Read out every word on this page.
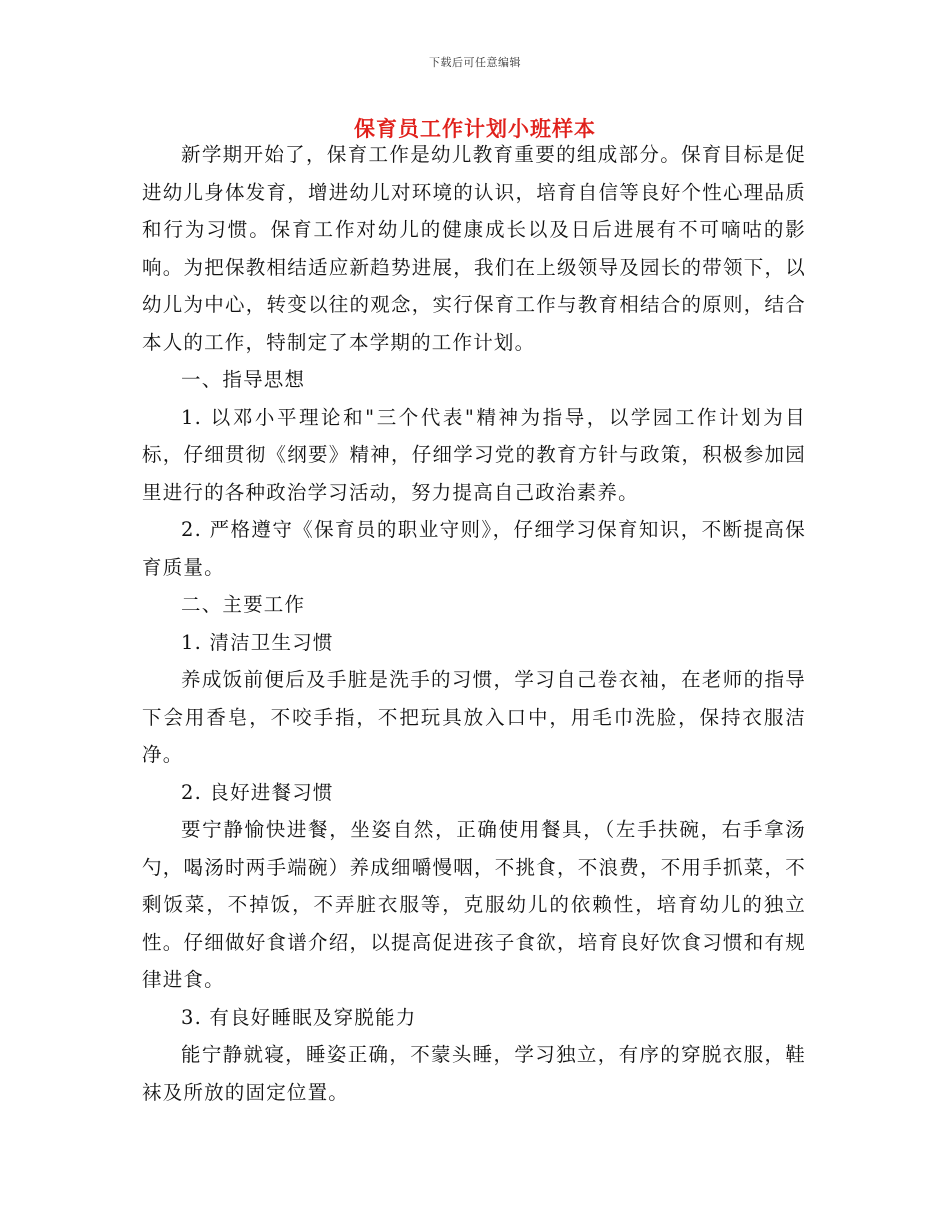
下载后可任意编辑
保育员工作计划小班样本

新学期开始了，保育工作是幼儿教育重要的组成部分。保育目标是促进幼儿身体发育，增进幼儿对环境的认识，培育自信等良好个性心理品质和行为习惯。保育工作对幼儿的健康成长以及日后进展有不可嘀咕的影响。为把保教相结适应新趋势进展，我们在上级领导及园长的带领下，以幼儿为中心，转变以往的观念，实行保育工作与教育相结合的原则，结合本人的工作，特制定了本学期的工作计划。

一、指导思想

1. 以邓小平理论和"三个代表"精神为指导，以学园工作计划为目标，仔细贯彻《纲要》精神，仔细学习党的教育方针与政策，积极参加园里进行的各种政治学习活动，努力提高自己政治素养。

2. 严格遵守《保育员的职业守则》，仔细学习保育知识，不断提高保育质量。

二、主要工作

1. 清洁卫生习惯

养成饭前便后及手脏是洗手的习惯，学习自己卷衣袖，在老师的指导下会用香皂，不咬手指，不把玩具放入口中，用毛巾洗脸，保持衣服洁净。

2. 良好进餐习惯

要宁静愉快进餐，坐姿自然，正确使用餐具，（左手扶碗，右手拿汤勺，喝汤时两手端碗）养成细嚼慢咽，不挑食，不浪费，不用手抓菜，不剩饭菜，不掉饭，不弄脏衣服等，克服幼儿的依赖性，培育幼儿的独立性。仔细做好食谱介绍，以提高促进孩子食欲，培育良好饮食习惯和有规律进食。

3. 有良好睡眠及穿脱能力

能宁静就寝，睡姿正确，不蒙头睡，学习独立，有序的穿脱衣服，鞋袜及所放的固定位置。
